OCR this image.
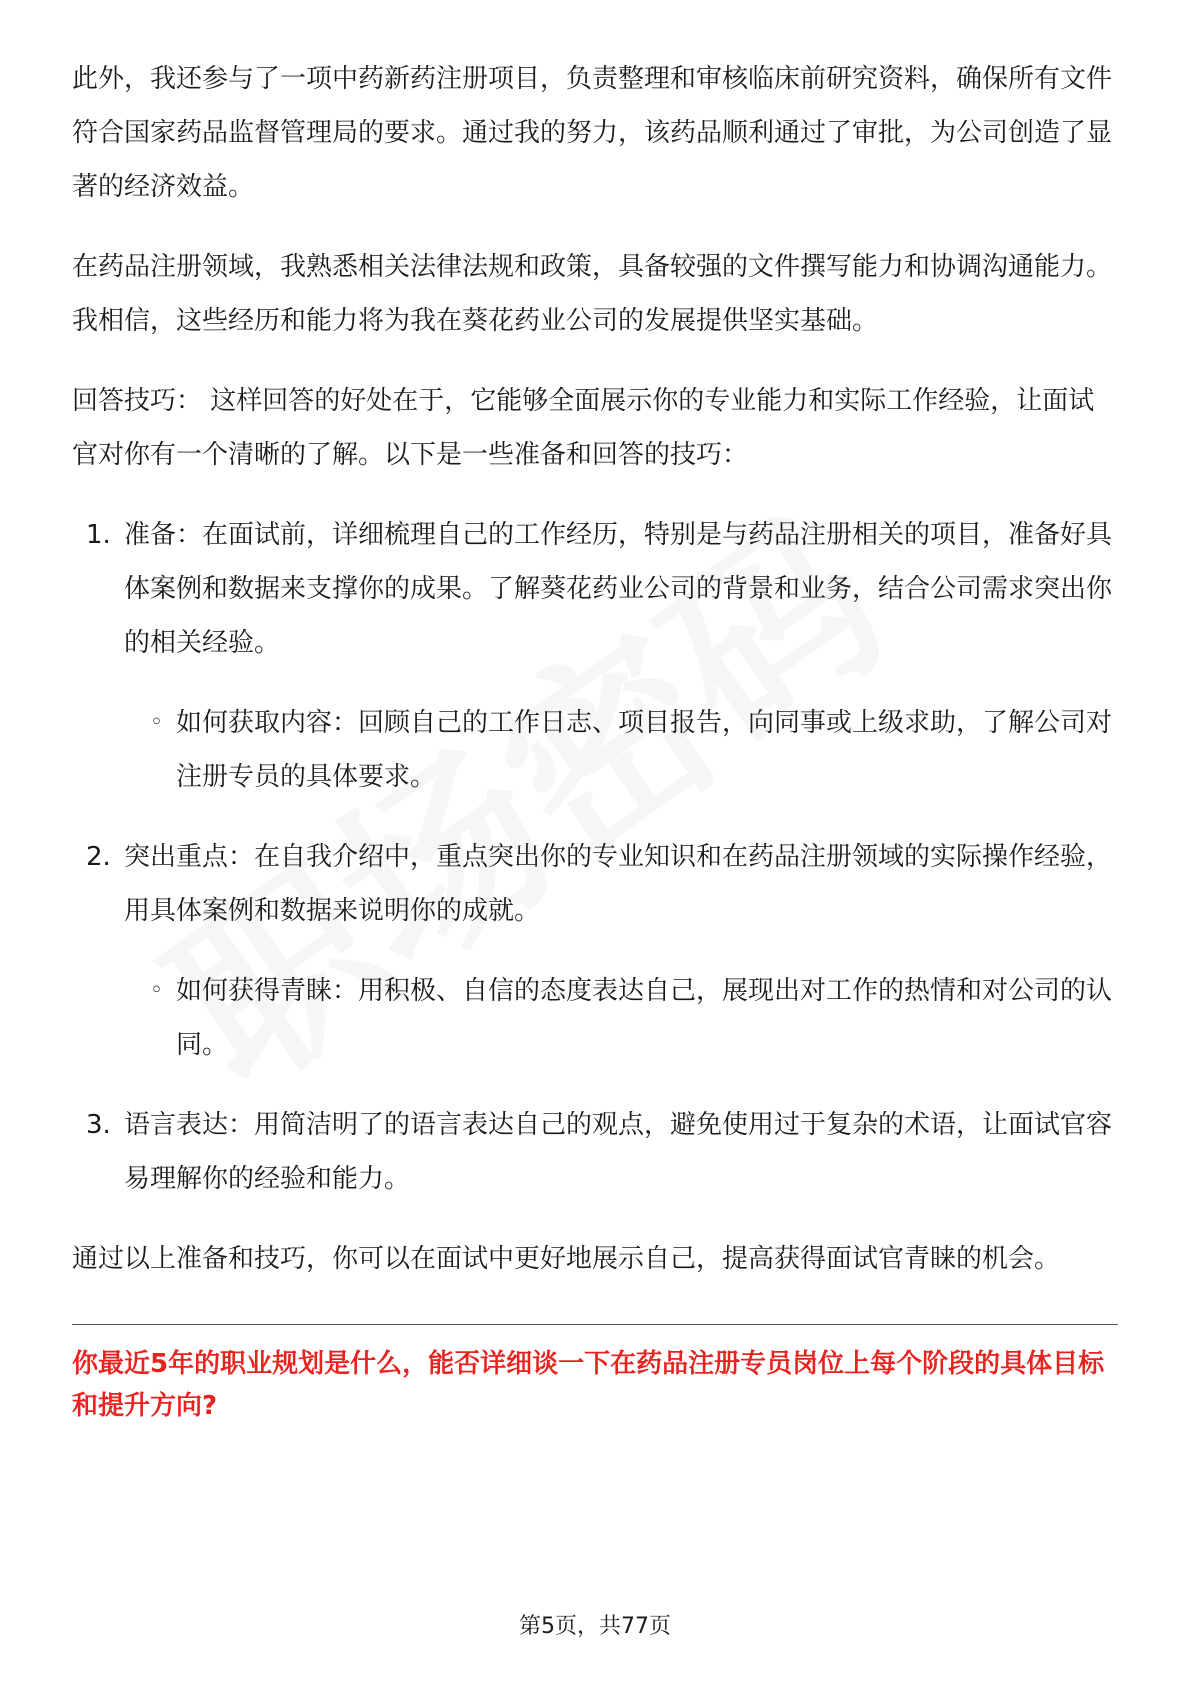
此外，我还参与了一项中药新药注册项目，负责整理和审核临床前研究资料，确保所有文件符合国家药品监督管理局的要求。通过我的努力，该药品顺利通过了审批，为公司创造了显著的经济效益。

在药品注册领域，我熟悉相关法律法规和政策，具备较强的文件撰写能力和协调沟通能力。我相信，这些经历和能力将为我在葵花药业公司的发展提供坚实基础。

回答技巧： 这样回答的好处在于，它能够全面展示你的专业能力和实际工作经验，让面试官对你有一个清晰的了解。以下是一些准备和回答的技巧：

1. 准备：在面试前，详细梳理自己的工作经历，特别是与药品注册相关的项目，准备好具体案例和数据来支撑你的成果。了解葵花药业公司的背景和业务，结合公司需求突出你的相关经验。

◦ 如何获取内容：回顾自己的工作日志、项目报告，向同事或上级求助，了解公司对注册专员的具体要求。

2. 突出重点：在自我介绍中，重点突出你的专业知识和在药品注册领域的实际操作经验，用具体案例和数据来说明你的成就。

◦ 如何获得青睐：用积极、自信的态度表达自己，展现出对工作的热情和对公司的认同。

3. 语言表达：用简洁明了的语言表达自己的观点，避免使用过于复杂的术语，让面试官容易理解你的经验和能力。

通过以上准备和技巧，你可以在面试中更好地展示自己，提高获得面试官青睐的机会。

你最近5年的职业规划是什么，能否详细谈一下在药品注册专员岗位上每个阶段的具体目标和提升方向?

第5页，共77页
